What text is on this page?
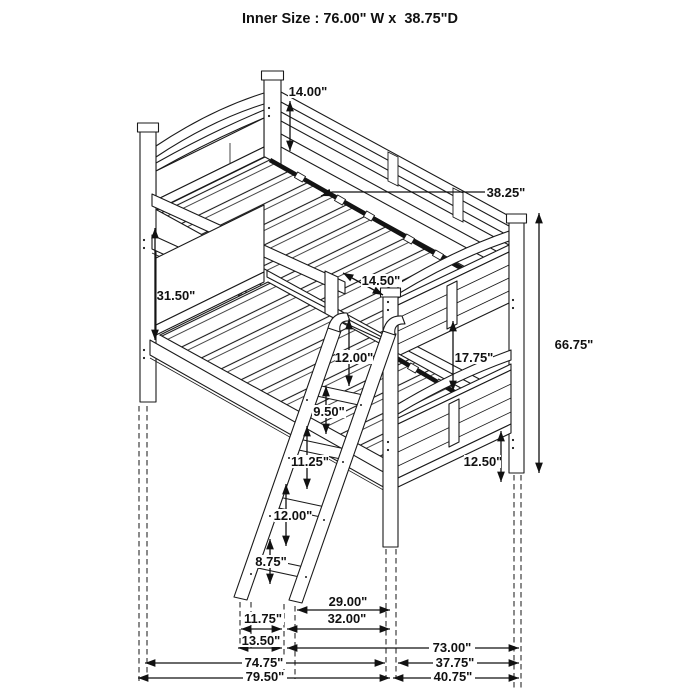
Inner Size : 76.00" W x  38.75"D
14.00"
38.25"
31.50"
14.50"
12.00"
9.50"
11.25"
12.00"
8.75"
17.75"
66.75"
12.50"
29.00"
11.75"	32.00"
13.50"	73.00"
74.75"	37.75"
79.50"	40.75"
